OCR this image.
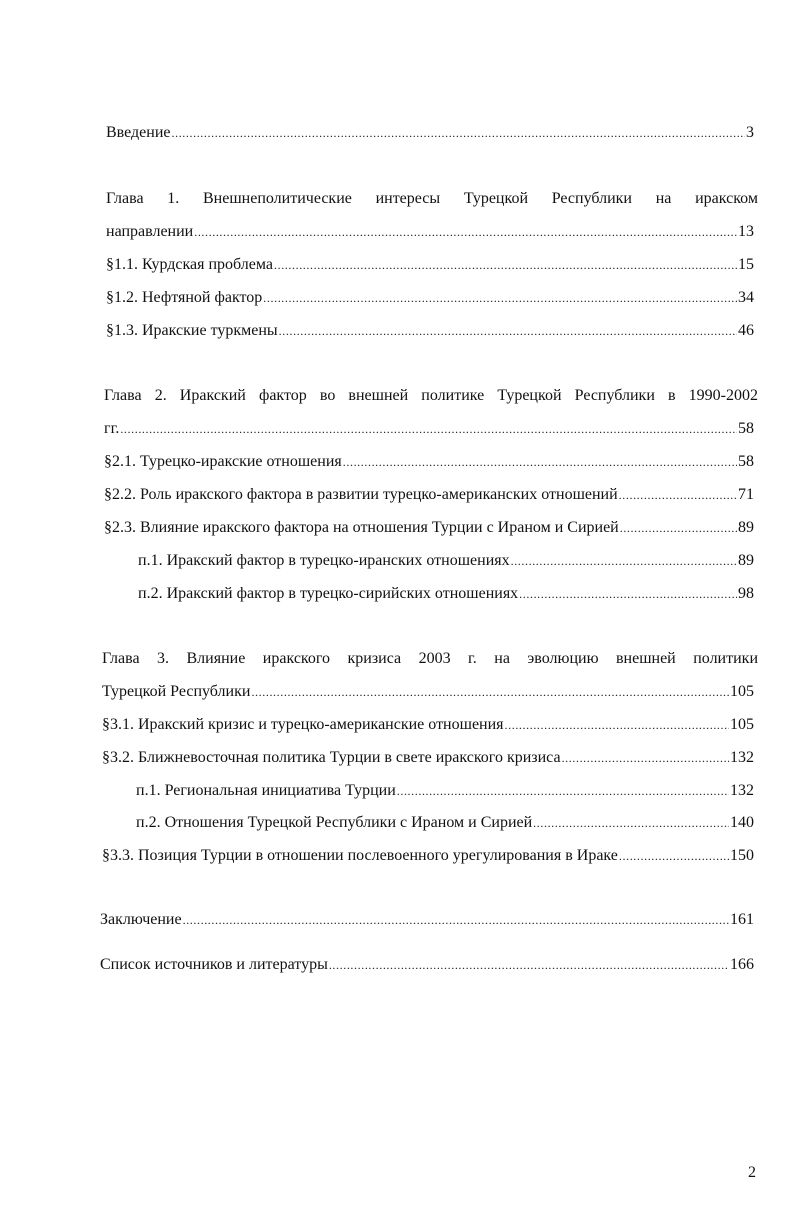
Введение . . .	3
Глава 1. Внешнеполитические интересы Турецкой Республики на иракском
направлении . . .	13
§1.1. Курдская проблема . . .	15
§1.2. Нефтяной фактор . . .	34
§1.3. Иракские туркмены . . .	46
Глава 2. Иракский фактор во внешней политике Турецкой Республики в 1990-2002
гг. . . .	58
§2.1. Турецко-иракские отношения . . .	58
§2.2. Роль иракского фактора в развитии турецко-американских отношений . . .	71
§2.3. Влияние иракского фактора на отношения Турции с Ираном и Сирией . . .	89
п.1. Иракский фактор в турецко-иранских отношениях . . .	89
п.2. Иракский фактор в турецко-сирийских отношениях . . .	98
Глава 3. Влияние иракского кризиса 2003 г. на эволюцию внешней политики
Турецкой Республики . . .	105
§3.1. Иракский кризис и турецко-американские отношения . . .	105
§3.2. Ближневосточная политика Турции в свете иракского кризиса . . .	132
п.1. Региональная инициатива Турции . . .	132
п.2. Отношения Турецкой Республики с Ираном и Сирией . . .	140
§3.3. Позиция Турции в отношении послевоенного урегулирования в Ираке . . .	150
Заключение . . .	161
Список источников и литературы . . .	166
2
